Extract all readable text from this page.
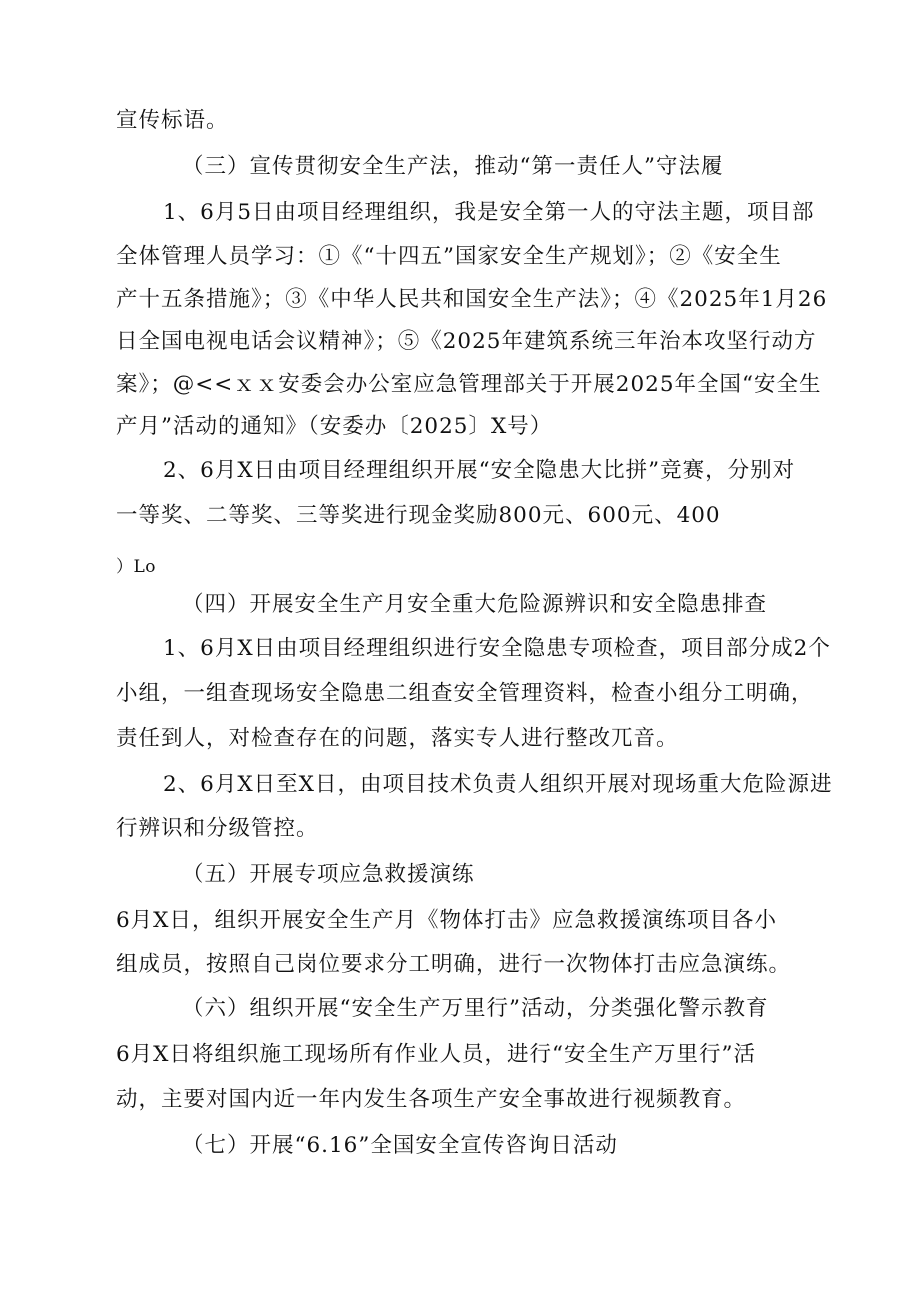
宣传标语。
（三）宣传贯彻安全生产法，推动“第一责任人”守法履
1、6月5日由项目经理组织，我是安全第一人的守法主题，项目部
全体管理人员学习：①《“十四五”国家安全生产规划》；②《安全生
产十五条措施》；③《中华人民共和国安全生产法》；④《2025年1月26
日全国电视电话会议精神》；⑤《2025年建筑系统三年治本攻坚行动方
案》；@<<ｘｘ安委会办公室应急管理部关于开展2025年全国“安全生
产月”活动的通知》（安委办〔2025〕X号）
2、6月X日由项目经理组织开展“安全隐患大比拼”竞赛，分别对
一等奖、二等奖、三等奖进行现金奖励800元、600元、400
）Lo
（四）开展安全生产月安全重大危险源辨识和安全隐患排查
1、6月X日由项目经理组织进行安全隐患专项检查，项目部分成2个
小组，一组查现场安全隐患二组查安全管理资料，检查小组分工明确，
责任到人，对检查存在的问题，落实专人进行整改兀音。
2、6月X日至X日，由项目技术负责人组织开展对现场重大危险源进
行辨识和分级管控。
（五）开展专项应急救援演练
6月X日，组织开展安全生产月《物体打击》应急救援演练项目各小
组成员，按照自己岗位要求分工明确，进行一次物体打击应急演练。
（六）组织开展“安全生产万里行”活动，分类强化警示教育
6月X日将组织施工现场所有作业人员，进行“安全生产万里行”活
动，主要对国内近一年内发生各项生产安全事故进行视频教育。
（七）开展“6.16”全国安全宣传咨询日活动
